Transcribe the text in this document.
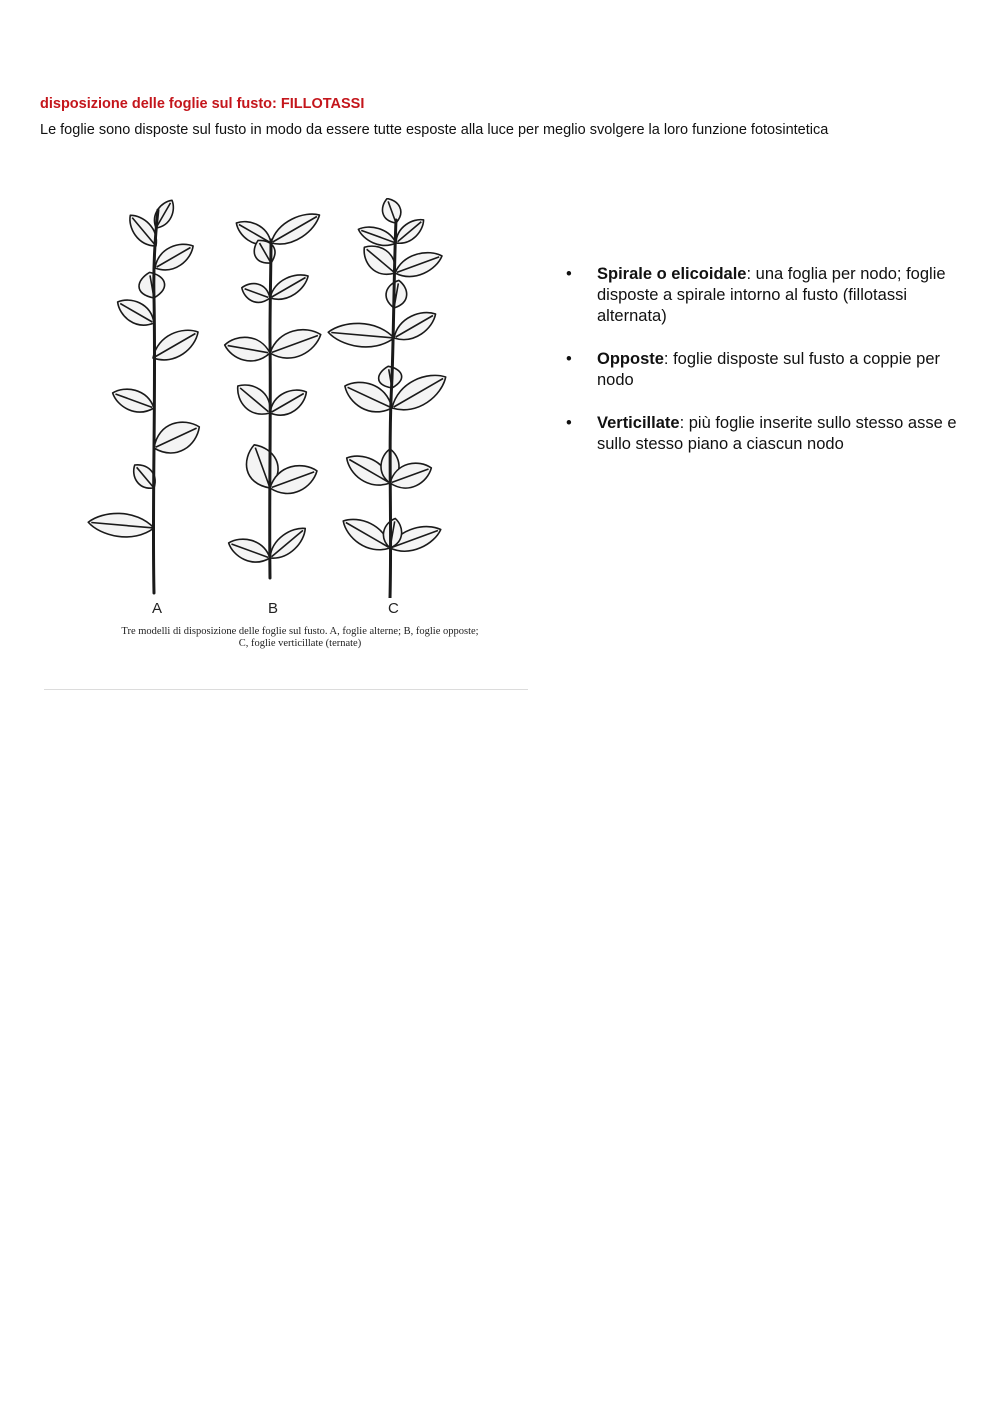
disposizione delle foglie sul fusto: FILLOTASSI
Le foglie sono disposte sul fusto in modo da essere tutte esposte alla luce per meglio svolgere la loro funzione fotosintetica
A	B	C
Tre modelli di disposizione delle foglie sul fusto. A, foglie alterne; B, foglie opposte;
C, foglie verticillate (ternate)
• Spirale o elicoidale: una foglia per nodo; foglie disposte a spirale intorno al fusto (fillotassi alternata)
• Opposte: foglie disposte sul fusto a coppie per nodo
• Verticillate: più foglie inserite sullo stesso asse e sullo stesso piano a ciascun nodo
